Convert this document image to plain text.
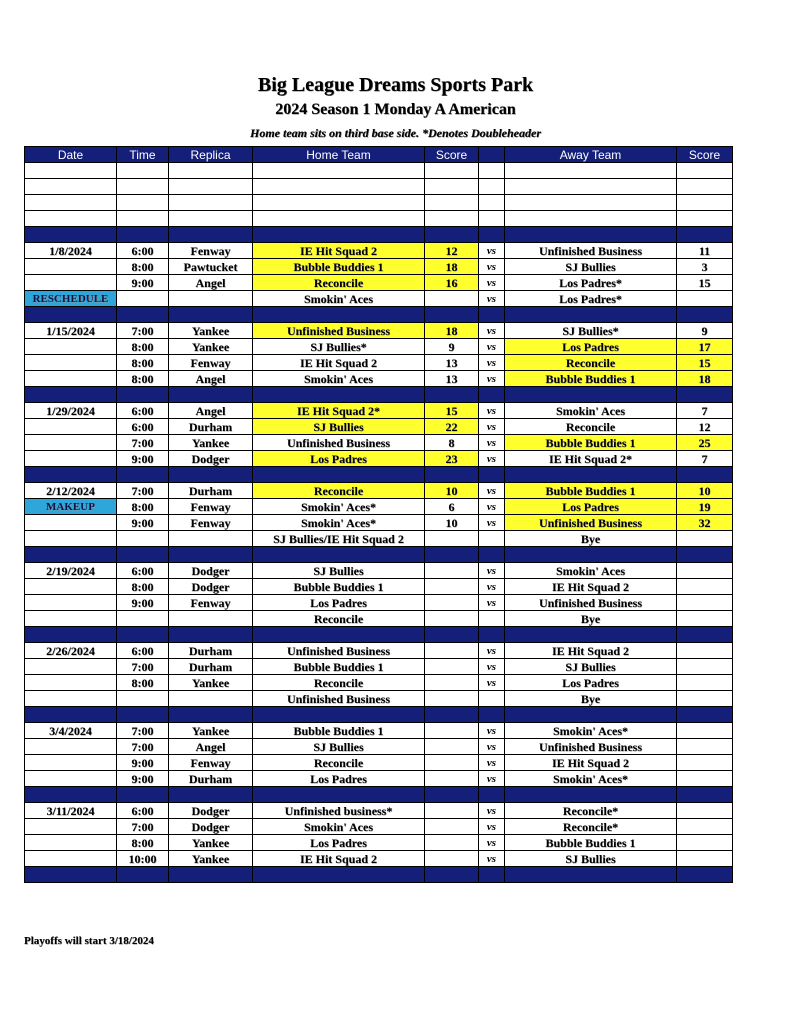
Big League Dreams Sports Park
2024 Season 1 Monday A American
Home team sits on third base side. *Denotes Doubleheader
Date	Time	Replica	Home Team	Score		Away Team	Score

1/8/2024	6:00	Fenway	IE Hit Squad 2	12	vs	Unfinished Business	11
	8:00	Pawtucket	Bubble Buddies 1	18	vs	SJ Bullies	3
	9:00	Angel	Reconcile	16	vs	Los Padres*	15
RESCHEDULE			Smokin' Aces		vs	Los Padres*	

1/15/2024	7:00	Yankee	Unfinished Business	18	vs	SJ Bullies*	9
	8:00	Yankee	SJ Bullies*	9	vs	Los Padres	17
	8:00	Fenway	IE Hit Squad 2	13	vs	Reconcile	15
	8:00	Angel	Smokin' Aces	13	vs	Bubble Buddies 1	18

1/29/2024	6:00	Angel	IE Hit Squad 2*	15	vs	Smokin' Aces	7
	6:00	Durham	SJ Bullies	22	vs	Reconcile	12
	7:00	Yankee	Unfinished Business	8	vs	Bubble Buddies 1	25
	9:00	Dodger	Los Padres	23	vs	IE Hit Squad 2*	7

2/12/2024	7:00	Durham	Reconcile	10	vs	Bubble Buddies 1	10
MAKEUP	8:00	Fenway	Smokin' Aces*	6	vs	Los Padres	19
	9:00	Fenway	Smokin' Aces*	10	vs	Unfinished Business	32
			SJ Bullies/IE Hit Squad 2			Bye	

2/19/2024	6:00	Dodger	SJ Bullies		vs	Smokin' Aces	
	8:00	Dodger	Bubble Buddies 1		vs	IE Hit Squad 2	
	9:00	Fenway	Los Padres		vs	Unfinished Business	
			Reconcile			Bye	

2/26/2024	6:00	Durham	Unfinished Business		vs	IE Hit Squad 2	
	7:00	Durham	Bubble Buddies 1		vs	SJ Bullies	
	8:00	Yankee	Reconcile		vs	Los Padres	
			Unfinished Business			Bye	

3/4/2024	7:00	Yankee	Bubble Buddies 1		vs	Smokin' Aces*	
	7:00	Angel	SJ Bullies		vs	Unfinished Business	
	9:00	Fenway	Reconcile		vs	IE Hit Squad 2	
	9:00	Durham	Los Padres		vs	Smokin' Aces*	

3/11/2024	6:00	Dodger	Unfinished business*		vs	Reconcile*	
	7:00	Dodger	Smokin' Aces		vs	Reconcile*	
	8:00	Yankee	Los Padres		vs	Bubble Buddies 1	
	10:00	Yankee	IE Hit Squad 2		vs	SJ Bullies	

Playoffs will start 3/18/2024
